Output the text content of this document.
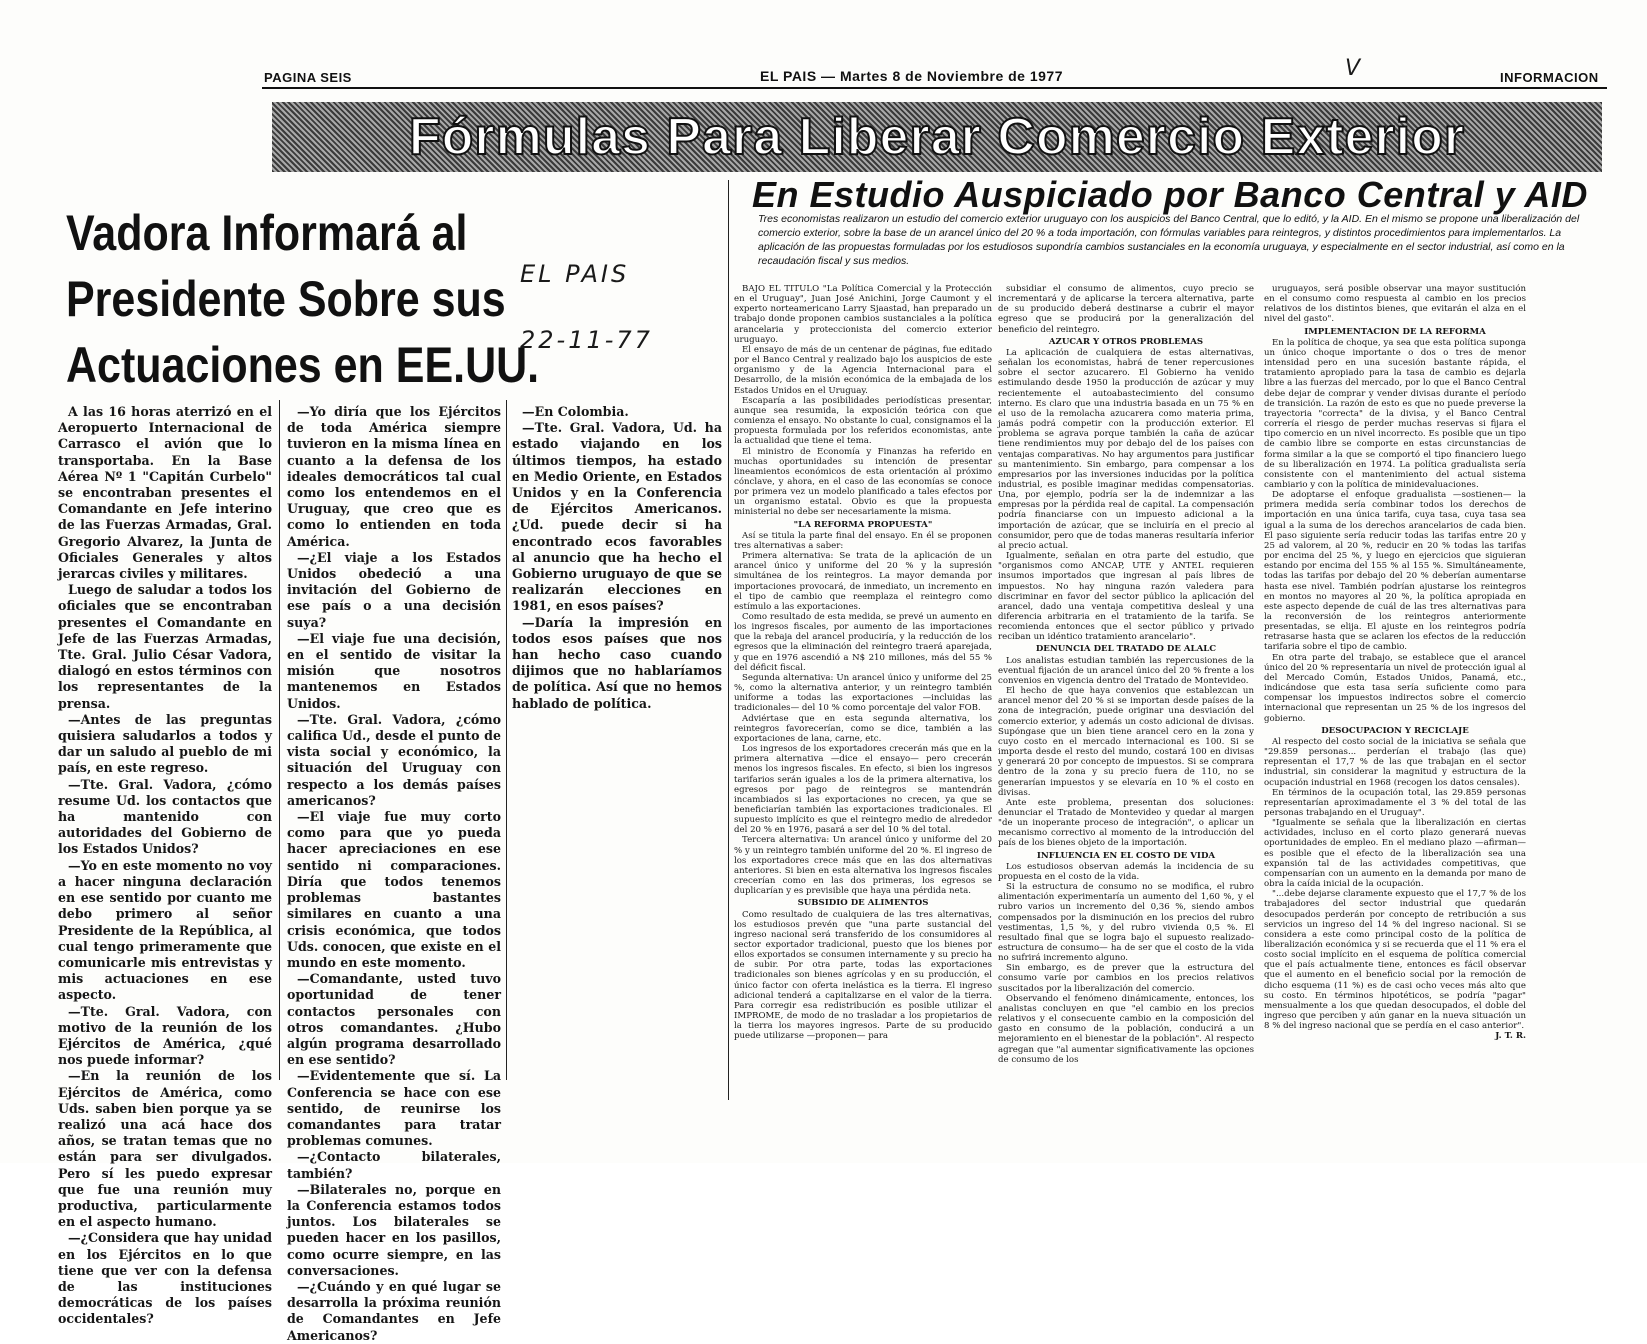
PAGINA SEIS	EL PAIS — Martes 8 de Noviembre de 1977	INFORMACION
V
Fórmulas Para Liberar Comercio Exterior
Vadora Informará al
Presidente Sobre sus
Actuaciones en EE.UU.
EL PAIS
22-11-77

A las 16 horas aterrizó en el Aeropuerto Internacional de Carrasco el avión que lo transportaba. En la Base Aérea Nº 1 "Capitán Curbelo" se encontraban presentes el Comandante en Jefe interino de las Fuerzas Armadas, Gral. Gregorio Alvarez, la Junta de Oficiales Generales y altos jerarcas civiles y militares.

Luego de saludar a todos los oficiales que se encontraban presentes el Comandante en Jefe de las Fuerzas Armadas, Tte. Gral. Julio César Vadora, dialogó en estos términos con los representantes de la prensa.

—Antes de las preguntas quisiera saludarlos a todos y dar un saludo al pueblo de mi país, en este regreso.

—Tte. Gral. Vadora, ¿cómo resume Ud. los contactos que ha mantenido con autoridades del Gobierno de los Estados Unidos?

—Yo en este momento no voy a hacer ninguna declaración en ese sentido por cuanto me debo primero al señor Presidente de la República, al cual tengo primeramente que comunicarle mis entrevistas y mis actuaciones en ese aspecto.

—Tte. Gral. Vadora, con motivo de la reunión de los Ejércitos de América, ¿qué nos puede informar?

—En la reunión de los Ejércitos de América, como Uds. saben bien porque ya se realizó una acá hace dos años, se tratan temas que no están para ser divulgados. Pero sí les puedo expresar que fue una reunión muy productiva, particularmente en el aspecto humano.

—¿Considera que hay unidad en los Ejércitos en lo que tiene que ver con la defensa de las instituciones democráticas de los países occidentales?

—Yo diría que los Ejércitos de toda América siempre tuvieron en la misma línea en cuanto a la defensa de los ideales democráticos tal cual como los entendemos en el Uruguay, que creo que es como lo entienden en toda América.

—¿El viaje a los Estados Unidos obedeció a una invitación del Gobierno de ese país o a una decisión suya?

—El viaje fue una decisión, en el sentido de visitar la misión que nosotros mantenemos en Estados Unidos.

—Tte. Gral. Vadora, ¿cómo califica Ud., desde el punto de vista social y económico, la situación del Uruguay con respecto a los demás países americanos?

—El viaje fue muy corto como para que yo pueda hacer apreciaciones en ese sentido ni comparaciones. Diría que todos tenemos problemas bastantes similares en cuanto a una crisis económica, que todos Uds. conocen, que existe en el mundo en este momento.

—Comandante, usted tuvo oportunidad de tener contactos personales con otros comandantes. ¿Hubo algún programa desarrollado en ese sentido?

—Evidentemente que sí. La Conferencia se hace con ese sentido, de reunirse los comandantes para tratar problemas comunes.

—¿Contacto bilaterales, también?

—Bilaterales no, porque en la Conferencia estamos todos juntos. Los bilaterales se pueden hacer en los pasillos, como ocurre siempre, en las conversaciones.

—¿Cuándo y en qué lugar se desarrolla la próxima reunión de Comandantes en Jefe Americanos?

—En Colombia.

—Tte. Gral. Vadora, Ud. ha estado viajando en los últimos tiempos, ha estado en Medio Oriente, en Estados Unidos y en la Conferencia de Ejércitos Americanos. ¿Ud. puede decir si ha encontrado ecos favorables al anuncio que ha hecho el Gobierno uruguayo de que se realizarán elecciones en 1981, en esos países?

—Daría la impresión en todos esos países que nos han hecho caso cuando dijimos que no hablaríamos de política. Así que no hemos hablado de política.

En Estudio Auspiciado por Banco Central y AID
Tres economistas realizaron un estudio del comercio exterior uruguayo con los auspicios del Banco Central, que lo editó, y la AID. En el mismo se propone una liberalización del comercio exterior, sobre la base de un arancel único del 20 % a toda importación, con fórmulas variables para reintegros, y distintos procedimientos para implementarlos. La aplicación de las propuestas formuladas por los estudiosos supondría cambios sustanciales en la economía uruguaya, y especialmente en el sector industrial, así como en la recaudación fiscal y sus medios.

BAJO EL TITULO "La Política Comercial y la Protección en el Uruguay", Juan José Anichini, Jorge Caumont y el experto norteamericano Larry Sjaastad, han preparado un trabajo donde proponen cambios sustanciales a la política arancelaria y proteccionista del comercio exterior uruguayo.

El ensayo de más de un centenar de páginas, fue editado por el Banco Central y realizado bajo los auspicios de este organismo y de la Agencia Internacional para el Desarrollo, de la misión económica de la embajada de los Estados Unidos en el Uruguay.

Escaparía a las posibilidades periodísticas presentar, aunque sea resumida, la exposición teórica con que comienza el ensayo. No obstante lo cual, consignamos el la propuesta formulada por los referidos economistas, ante la actualidad que tiene el tema.

El ministro de Economía y Finanzas ha referido en muchas oportunidades su intención de presentar lineamientos económicos de esta orientación al próximo cónclave, y ahora, en el caso de las economías se conoce por primera vez un modelo planificado a tales efectos por un organismo estatal. Obvio es que la propuesta ministerial no debe ser necesariamente la misma.

"LA REFORMA PROPUESTA"

Así se titula la parte final del ensayo. En él se proponen tres alternativas a saber:

Primera alternativa: Se trata de la aplicación de un arancel único y uniforme del 20 % y la supresión simultánea de los reintegros. La mayor demanda por importaciones provocará, de inmediato, un incremento en el tipo de cambio que reemplaza el reintegro como estímulo a las exportaciones.

Como resultado de esta medida, se prevé un aumento en los ingresos fiscales, por aumento de las importaciones que la rebaja del arancel produciría, y la reducción de los egresos que la eliminación del reintegro traerá aparejada, y que en 1976 ascendió a N$ 210 millones, más del 55 % del déficit fiscal.

Segunda alternativa: Un arancel único y uniforme del 25 %, como la alternativa anterior, y un reintegro también uniforme a todas las exportaciones —incluidas las tradicionales— del 10 % como porcentaje del valor FOB.

Adviértase que en esta segunda alternativa, los reintegros favorecerían, como se dice, también a las exportaciones de lana, carne, etc.

Los ingresos de los exportadores crecerán más que en la primera alternativa —dice el ensayo— pero crecerán menos los ingresos fiscales. En efecto, si bien los ingresos tarifarios serán iguales a los de la primera alternativa, los egresos por pago de reintegros se mantendrán incambiados si las exportaciones no crecen, ya que se beneficiarían también las exportaciones tradicionales. El supuesto implícito es que el reintegro medio de alrededor del 20 % en 1976, pasará a ser del 10 % del total.

Tercera alternativa: Un arancel único y uniforme del 20 % y un reintegro también uniforme del 20 %. El ingreso de los exportadores crece más que en las dos alternativas anteriores. Si bien en esta alternativa los ingresos fiscales crecerían como en las dos primeras, los egresos se duplicarían y es previsible que haya una pérdida neta.

SUBSIDIO DE ALIMENTOS

Como resultado de cualquiera de las tres alternativas, los estudiosos prevén que "una parte sustancial del ingreso nacional será transferido de los consumidores al sector exportador tradicional, puesto que los bienes por ellos exportados se consumen internamente y su precio ha de subir. Por otra parte, todas las exportaciones tradicionales son bienes agrícolas y en su producción, el único factor con oferta inelástica es la tierra. El ingreso adicional tenderá a capitalizarse en el valor de la tierra. Para corregir esa redistribución es posible utilizar el IMPROME, de modo de no trasladar a los propietarios de la tierra los mayores ingresos. Parte de su producido puede utilizarse —proponen— para

subsidiar el consumo de alimentos, cuyo precio se incrementará y de aplicarse la tercera alternativa, parte de su producido deberá destinarse a cubrir el mayor egreso que se producirá por la generalización del beneficio del reintegro.

AZUCAR Y OTROS PROBLEMAS

La aplicación de cualquiera de estas alternativas, señalan los economistas, habrá de tener repercusiones sobre el sector azucarero. El Gobierno ha venido estimulando desde 1950 la producción de azúcar y muy recientemente el autoabastecimiento del consumo interno. Es claro que una industria basada en un 75 % en el uso de la remolacha azucarera como materia prima, jamás podrá competir con la producción exterior. El problema se agrava porque también la caña de azúcar tiene rendimientos muy por debajo del de los países con ventajas comparativas. No hay argumentos para justificar su mantenimiento. Sin embargo, para compensar a los empresarios por las inversiones inducidas por la política industrial, es posible imaginar medidas compensatorias. Una, por ejemplo, podría ser la de indemnizar a las empresas por la pérdida real de capital. La compensación podría financiarse con un impuesto adicional a la importación de azúcar, que se incluiría en el precio al consumidor, pero que de todas maneras resultaría inferior al precio actual.

Igualmente, señalan en otra parte del estudio, que "organismos como ANCAP, UTE y ANTEL requieren insumos importados que ingresan al país libres de impuestos. No hay ninguna razón valedera para discriminar en favor del sector público la aplicación del arancel, dado una ventaja competitiva desleal y una diferencia arbitraria en el tratamiento de la tarifa. Se recomienda entonces que el sector público y privado reciban un idéntico tratamiento arancelario".

DENUNCIA DEL TRATADO DE ALALC

Los analistas estudian también las repercusiones de la eventual fijación de un arancel único del 20 % frente a los convenios en vigencia dentro del Tratado de Montevideo.

El hecho de que haya convenios que establezcan un arancel menor del 20 % si se importan desde países de la zona de integración, puede originar una desviación del comercio exterior, y además un costo adicional de divisas. Supóngase que un bien tiene arancel cero en la zona y cuyo costo en el mercado internacional es 100. Si se importa desde el resto del mundo, costará 100 en divisas y generará 20 por concepto de impuestos. Si se comprara dentro de la zona y su precio fuera de 110, no se generarían impuestos y se elevaría en 10 % el costo en divisas.

Ante este problema, presentan dos soluciones: denunciar el Tratado de Montevideo y quedar al margen "de un inoperante proceso de integración", o aplicar un mecanismo correctivo al momento de la introducción del país de los bienes objeto de la importación.

INFLUENCIA EN EL COSTO DE VIDA

Los estudiosos observan además la incidencia de su propuesta en el costo de la vida.

Si la estructura de consumo no se modifica, el rubro alimentación experimentaría un aumento del 1,60 %, y el rubro varios un incremento del 0,36 %, siendo ambos compensados por la disminución en los precios del rubro vestimentas, 1,5 %, y del rubro vivienda 0,5 %. El resultado final que se logra bajo el supuesto realizado-estructura de consumo— ha de ser que el costo de la vida no sufrirá incremento alguno.

Sin embargo, es de prever que la estructura del consumo varíe por cambios en los precios relativos suscitados por la liberalización del comercio.

Observando el fenómeno dinámicamente, entonces, los analistas concluyen en que "el cambio en los precios relativos y el consecuente cambio en la composición del gasto en consumo de la población, conducirá a un mejoramiento en el bienestar de la población". Al respecto agregan que "al aumentar significativamente las opciones de consumo de los

uruguayos, será posible observar una mayor sustitución en el consumo como respuesta al cambio en los precios relativos de los distintos bienes, que evitarán el alza en el nivel del gasto".

IMPLEMENTACION DE LA REFORMA

En la política de choque, ya sea que esta política suponga un único choque importante o dos o tres de menor intensidad pero en una sucesión bastante rápida, el tratamiento apropiado para la tasa de cambio es dejarla libre a las fuerzas del mercado, por lo que el Banco Central debe dejar de comprar y vender divisas durante el período de transición. La razón de esto es que no puede preverse la trayectoria "correcta" de la divisa, y el Banco Central correría el riesgo de perder muchas reservas si fijara el tipo comercio en un nivel incorrecto. Es posible que un tipo de cambio libre se comporte en estas circunstancias de forma similar a la que se comportó el tipo financiero luego de su liberalización en 1974. La política gradualista sería consistente con el mantenimiento del actual sistema cambiario y con la política de minidevaluaciones.

De adoptarse el enfoque gradualista —sostienen— la primera medida sería combinar todos los derechos de importación en una única tarifa, cuya tasa, cuya tasa sea igual a la suma de los derechos arancelarios de cada bien. El paso siguiente sería reducir todas las tarifas entre 20 y 25 ad valorem, al 20 %, reducir en 20 % todas las tarifas por encima del 25 %, y luego en ejercicios que siguieran estando por encima del 155 % al 155 %. Simultáneamente, todas las tarifas por debajo del 20 % deberían aumentarse hasta ese nivel. También podrían ajustarse los reintegros en montos no mayores al 20 %, la política apropiada en este aspecto depende de cuál de las tres alternativas para la reconversión de los reintegros anteriormente presentadas, se elija. El ajuste en los reintegros podría retrasarse hasta que se aclaren los efectos de la reducción tarifaria sobre el tipo de cambio.

En otra parte del trabajo, se establece que el arancel único del 20 % representaría un nivel de protección igual al del Mercado Común, Estados Unidos, Panamá, etc., indicándose que esta tasa sería suficiente como para compensar los impuestos indirectos sobre el comercio internacional que representan un 25 % de los ingresos del gobierno.

DESOCUPACION Y RECICLAJE

Al respecto del costo social de la iniciativa se señala que "29.859 personas... perderían el trabajo (las que) representan el 17,7 % de las que trabajan en el sector industrial, sin considerar la magnitud y estructura de la ocupación industrial en 1968 (recogen los datos censales).

En términos de la ocupación total, las 29.859 personas representarían aproximadamente el 3 % del total de las personas trabajando en el Uruguay".

"Igualmente se señala que la liberalización en ciertas actividades, incluso en el corto plazo generará nuevas oportunidades de empleo. En el mediano plazo —afirman— es posible que el efecto de la liberalización sea una expansión tal de las actividades competitivas, que compensarían con un aumento en la demanda por mano de obra la caída inicial de la ocupación.

"...debe dejarse claramente expuesto que el 17,7 % de los trabajadores del sector industrial que quedarán desocupados perderán por concepto de retribución a sus servicios un ingreso del 14 % del ingreso nacional. Si se considera a este como principal costo de la política de liberalización económica y si se recuerda que el 11 % era el costo social implícito en el esquema de política comercial que el país actualmente tiene, entonces es fácil observar que el aumento en el beneficio social por la remoción de dicho esquema (11 %) es de casi ocho veces más alto que su costo. En términos hipotéticos, se podría "pagar" mensualmente a los que quedan desocupados, el doble del ingreso que perciben y aún ganar en la nueva situación un 8 % del ingreso nacional que se perdía en el caso anterior".

J. T. R.
